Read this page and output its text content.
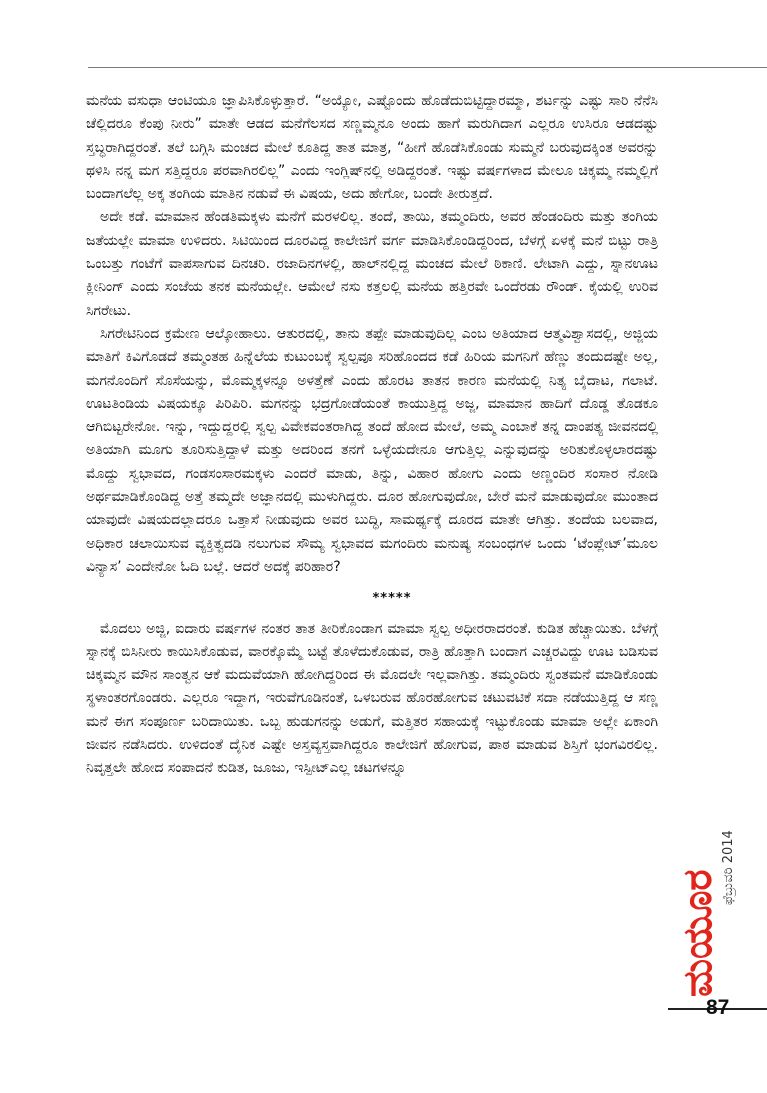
ಮನೆಯ ವಸುಧಾ ಆಂಟಿಯೂ ಜ್ಞಾಪಿಸಿಕೊಳ್ಳುತ್ತಾರೆ. “ಅಯ್ಯೋ, ಎಷ್ಟೊಂದು ಹೊಡೆದುಬಿಟ್ಟಿದ್ದಾರಮ್ಮಾ, ಶರ್ಟನ್ನು ಎಷ್ಟು ಸಾರಿ ನೆನೆಸಿ ಚೆಲ್ಲಿದರೂ ಕೆಂಪು ನೀರು” ಮಾತೇ ಆಡದ ಮನೆಗೆಲಸದ ಸಣ್ಣಮ್ಮನೂ ಅಂದು ಹಾಗೆ ಮರುಗಿದಾಗ ಎಲ್ಲರೂ ಉಸಿರೂ ಆಡದಷ್ಟು ಸ್ತಬ್ಧರಾಗಿದ್ದರಂತೆ. ತಲೆ ಬಗ್ಗಿಸಿ ಮಂಚದ ಮೇಲೆ ಕೂತಿದ್ದ ತಾತ ಮಾತ್ರ, “ಹೀಗೆ ಹೊಡೆಸಿಕೊಂಡು ಸುಮ್ಮನೆ ಬರುವುದಕ್ಕಿಂತ ಅವರನ್ನು ಥಳಿಸಿ ನನ್ನ ಮಗ ಸತ್ತಿದ್ದರೂ ಪರವಾಗಿರಲಿಲ್ಲ” ಎಂದು ಇಂಗ್ಲಿಷ್‌ನಲ್ಲಿ ಅಡಿದ್ದರಂತೆ. ಇಷ್ಟು ವರ್ಷಗಳಾದ ಮೇಲೂ ಚಿಕ್ಕಮ್ಮ ನಮ್ಮಲ್ಲಿಗೆ ಬಂದಾಗಲೆಲ್ಲ ಅಕ್ಕ ತಂಗಿಯ ಮಾತಿನ ನಡುವೆ ಈ ವಿಷಯ, ಅದು ಹೇಗೋ, ಬಂದೇ ತೀರುತ್ತದೆ.

ಅದೇ ಕಡೆ. ಮಾಮಾನ ಹೆಂಡತಿಮಕ್ಕಳು ಮನೆಗೆ ಮರಳಲಿಲ್ಲ. ತಂದೆ, ತಾಯಿ, ತಮ್ಮಂದಿರು, ಅವರ ಹೆಂಡಂದಿರು ಮತ್ತು ತಂಗಿಯ ಜತೆಯಲ್ಲೇ ಮಾಮಾ ಉಳಿದರು. ಸಿಟಿಯಿಂದ ದೂರವಿದ್ದ ಕಾಲೇಜಿಗೆ ವರ್ಗ ಮಾಡಿಸಿಕೊಂಡಿದ್ದರಿಂದ, ಬೆಳಗ್ಗೆ ಏಳಕ್ಕೆ ಮನೆ ಬಿಟ್ಟು ರಾತ್ರಿ ಒಂಬತ್ತು ಗಂಟೆಗೆ ವಾಪಸಾಗುವ ದಿನಚರಿ. ರಜಾದಿನಗಳಲ್ಲಿ, ಹಾಲ್‌ನಲ್ಲಿದ್ದ ಮಂಚದ ಮೇಲೆ ಠಿಕಾಣಿ. ಲೇಟಾಗಿ ಎದ್ದು, ಸ್ನಾನಊಟ ಕ್ಲೀನಿಂಗ್ ಎಂದು ಸಂಜೆಯ ತನಕ ಮನೆಯಲ್ಲೇ. ಆಮೇಲೆ ನಸು ಕತ್ತಲಲ್ಲಿ ಮನೆಯ ಹತ್ತಿರವೇ ಒಂದೆರಡು ರೌಂಡ್. ಕೈಯಲ್ಲಿ ಉರಿವ ಸಿಗರೇಟು.

ಸಿಗರೇಟಿನಿಂದ ಕ್ರಮೇಣ ಆಲ್ಕೋಹಾಲು. ಆತುರದಲ್ಲಿ, ತಾನು ತಪ್ಪೇ ಮಾಡುವುದಿಲ್ಲ ಎಂಬ ಅತಿಯಾದ ಆತ್ಮವಿಶ್ವಾಸದಲ್ಲಿ, ಅಜ್ಜಿಯ ಮಾತಿಗೆ ಕಿವಿಗೊಡದೆ ತಮ್ಮಂತಹ ಹಿನ್ನೆಲೆಯ ಕುಟುಂಬಕ್ಕೆ ಸ್ವಲ್ಪವೂ ಸರಿಹೊಂದದ ಕಡೆ ಹಿರಿಯ ಮಗನಿಗೆ ಹೆಣ್ಣು ತಂದುದಷ್ಟೇ ಅಲ್ಲ, ಮಗನೊಂದಿಗೆ ಸೊಸೆಯನ್ನು, ಮೊಮ್ಮಕ್ಕಳನ್ನೂ ಅಳತ್ತೆಣೆ ಎಂದು ಹೊರಟ ತಾತನ ಕಾರಣ ಮನೆಯಲ್ಲಿ ನಿತ್ಯ ಬೈದಾಟ, ಗಲಾಟೆ. ಊಟತಿಂಡಿಯ ವಿಷಯಕ್ಕೂ ಪಿರಿಪಿರಿ. ಮಗನನ್ನು ಭದ್ರಗೋಡೆಯಂತೆ ಕಾಯುತ್ತಿದ್ದ ಅಜ್ಜ, ಮಾಮಾನ ಹಾದಿಗೆ ದೊಡ್ಡ ತೊಡಕೂ ಆಗಿಬಿಟ್ಟರೇನೋ. ಇನ್ನು, ಇದ್ದುದ್ದರಲ್ಲಿ ಸ್ವಲ್ಪ ವಿವೇಕವಂತರಾಗಿದ್ದ ತಂದೆ ಹೋದ ಮೇಲೆ, ಅಮ್ಮ ಎಂಬಾಕೆ ತನ್ನ ದಾಂಪತ್ಯ ಜೀವನದಲ್ಲಿ ಅತಿಯಾಗಿ ಮೂಗು ತೂರಿಸುತ್ತಿದ್ದಾಳೆ ಮತ್ತು ಅದರಿಂದ ತನಗೆ ಒಳ್ಳೆಯದೇನೂ ಆಗುತ್ತಿಲ್ಲ ಎನ್ನುವುದನ್ನು ಅರಿತುಕೊಳ್ಳಲಾರದಷ್ಟು ಮೊದ್ದು ಸ್ವಭಾವದ, ಗಂಡಸಂಸಾರಮಕ್ಕಳು ಎಂದರೆ ಮಾಡು, ತಿನ್ನು, ವಿಹಾರ ಹೋಗು ಎಂದು ಅಣ್ಣಂದಿರ ಸಂಸಾರ ನೋಡಿ ಅರ್ಥಮಾಡಿಕೊಂಡಿದ್ದ ಅತ್ತೆ ತಮ್ಮದೇ ಅಜ್ಞಾನದಲ್ಲಿ ಮುಳುಗಿದ್ದರು. ದೂರ ಹೋಗುವುದೋ, ಬೇರೆ ಮನೆ ಮಾಡುವುದೋ ಮುಂತಾದ ಯಾವುದೇ ವಿಷಯದಲ್ಲಾದರೂ ಒತ್ತಾಸೆ ನೀಡುವುದು ಅವರ ಬುದ್ಧಿ, ಸಾಮರ್ಥ್ಯಕ್ಕೆ ದೂರದ ಮಾತೇ ಆಗಿತ್ತು. ತಂದೆಯ ಬಲವಾದ, ಅಧಿಕಾರ ಚಲಾಯಿಸುವ ವ್ಯಕ್ತಿತ್ವದಡಿ ನಲುಗುವ ಸೌಮ್ಯ ಸ್ವಭಾವದ ಮಗಂದಿರು ಮನುಷ್ಯ ಸಂಬಂಧಗಳ ಒಂದು ‘ಟೆಂಪ್ಲೇಟ್’ಮೂಲ ವಿನ್ಯಾಸ’ ಎಂದೇನೋ ಓದಿ ಬಲ್ಲೆ. ಆದರೆ ಅದಕ್ಕೆ ಪರಿಹಾರ?

*****

ಮೊದಲು ಅಜ್ಜಿ, ಐದಾರು ವರ್ಷಗಳ ನಂತರ ತಾತ ತೀರಿಕೊಂಡಾಗ ಮಾಮಾ ಸ್ವಲ್ಪ ಅಧೀರರಾದರಂತೆ. ಕುಡಿತ ಹೆಚ್ಚಾಯಿತು. ಬೆಳಗ್ಗೆ ಸ್ನಾನಕ್ಕೆ ಬಿಸಿನೀರು ಕಾಯಿಸಿಕೊಡುವ, ವಾರಕ್ಕೊಮ್ಮೆ ಬಟ್ಟೆ ತೊಳೆದುಕೊಡುವ, ರಾತ್ರಿ ಹೊತ್ತಾಗಿ ಬಂದಾಗ ಎಚ್ಚರವಿದ್ದು ಊಟ ಬಡಿಸುವ ಚಿಕ್ಕಮ್ಮನ ಮೌನ ಸಾಂತ್ವನ ಆಕೆ ಮದುವೆಯಾಗಿ ಹೋಗಿದ್ದರಿಂದ ಈ ಮೊದಲೇ ಇಲ್ಲವಾಗಿತ್ತು. ತಮ್ಮಂದಿರು ಸ್ವಂತಮನೆ ಮಾಡಿಕೊಂಡು ಸ್ಥಳಾಂತರಗೊಂಡರು. ಎಲ್ಲರೂ ಇದ್ದಾಗ, ಇರುವೆಗೂಡಿನಂತೆ, ಒಳಬರುವ ಹೊರಹೋಗುವ ಚಟುವಟಿಕೆ ಸದಾ ನಡೆಯುತ್ತಿದ್ದ ಆ ಸಣ್ಣ ಮನೆ ಈಗ ಸಂಪೂರ್ಣ ಬರಿದಾಯಿತು. ಒಬ್ಬ ಹುಡುಗನನ್ನು ಅಡುಗೆ, ಮತ್ತಿತರ ಸಹಾಯಕ್ಕೆ ಇಟ್ಟುಕೊಂಡು ಮಾಮಾ ಅಲ್ಲೇ ಏಕಾಂಗಿ ಜೀವನ ನಡೆಸಿದರು. ಉಳಿದಂತೆ ದೈನಿಕ ಎಷ್ಟೇ ಅಸ್ತವ್ಯಸ್ತವಾಗಿದ್ದರೂ ಕಾಲೇಜಿಗೆ ಹೋಗುವ, ಪಾಠ ಮಾಡುವ ಶಿಸ್ತಿಗೆ ಭಂಗವಿರಲಿಲ್ಲ. ನಿವೃತ್ತಲೇ ಹೋದ ಸಂಪಾದನೆ ಕುಡಿತ, ಜೂಜು, ಇಸ್ಪೀಟ್‌ಎಲ್ಲ ಚಟಗಳನ್ನೂ

ಮಯೂರ
ಫೆಬ್ರುವರಿ 2014
87
